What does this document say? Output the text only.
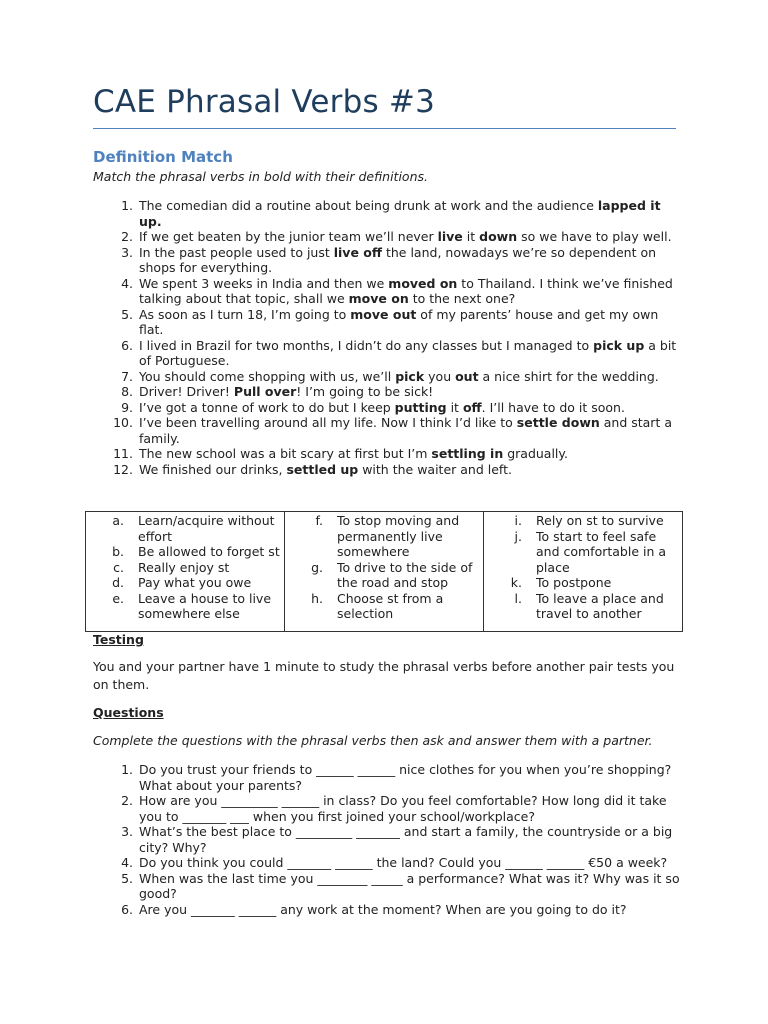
CAE Phrasal Verbs #3
Definition Match
Match the phrasal verbs in bold with their definitions.
1. The comedian did a routine about being drunk at work and the audience lapped it up.
2. If we get beaten by the junior team we’ll never live it down so we have to play well.
3. In the past people used to just live off the land, nowadays we’re so dependent on shops for everything.
4. We spent 3 weeks in India and then we moved on to Thailand. I think we’ve finished talking about that topic, shall we move on to the next one?
5. As soon as I turn 18, I’m going to move out of my parents’ house and get my own flat.
6. I lived in Brazil for two months, I didn’t do any classes but I managed to pick up a bit of Portuguese.
7. You should come shopping with us, we’ll pick you out a nice shirt for the wedding.
8. Driver! Driver! Pull over! I’m going to be sick!
9. I’ve got a tonne of work to do but I keep putting it off. I’ll have to do it soon.
10. I’ve been travelling around all my life. Now I think I’d like to settle down and start a family.
11. The new school was a bit scary at first but I’m settling in gradually.
12. We finished our drinks, settled up with the waiter and left.
a.	Learn/acquire without effort
b.	Be allowed to forget st
c.	Really enjoy st
d.	Pay what you owe
e.	Leave a house to live somewhere else
f.	To stop moving and permanently live somewhere
g.	To drive to the side of the road and stop
h.	Choose st from a selection
i.	Rely on st to survive
j.	To start to feel safe and comfortable in a place
k.	To postpone
l.	To leave a place and travel to another
Testing
You and your partner have 1 minute to study the phrasal verbs before another pair tests you on them.
Questions
Complete the questions with the phrasal verbs then ask and answer them with a partner.
1. Do you trust your friends to ______ ______ nice clothes for you when you’re shopping? What about your parents?
2. How are you _________ ______ in class? Do you feel comfortable? How long did it take you to _______ ___ when you first joined your school/workplace?
3. What’s the best place to _________ _______ and start a family, the countryside or a big city? Why?
4. Do you think you could _______ ______ the land? Could you ______ ______ €50 a week?
5. When was the last time you ________ _____ a performance? What was it? Why was it so good?
6. Are you _______ ______ any work at the moment? When are you going to do it?
